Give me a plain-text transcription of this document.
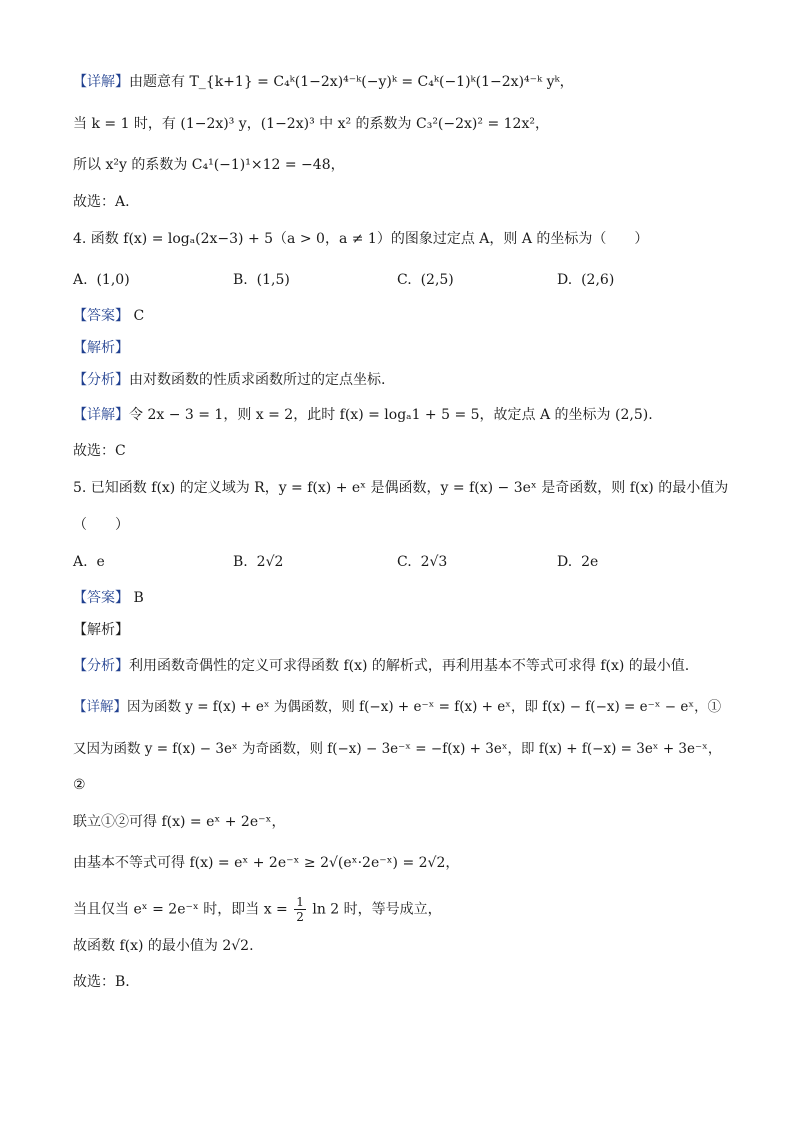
【详解】由题意有 T_{k+1} = C₄ᵏ(1−2x)⁴⁻ᵏ(−y)ᵏ = C₄ᵏ(−1)ᵏ(1−2x)⁴⁻ᵏ yᵏ，
当 k = 1 时，有 (1−2x)³ y，(1−2x)³ 中 x² 的系数为 C₃²(−2x)² = 12x²，
所以 x²y 的系数为 C₄¹(−1)¹×12 = −48，
故选：A.
4. 函数 f(x) = logₐ(2x−3) + 5（a > 0，a ≠ 1）的图象过定点 A，则 A 的坐标为（　　）
A. (1,0)	B. (1,5)	C. (2,5)	D. (2,6)
【答案】 C
【解析】
【分析】由对数函数的性质求函数所过的定点坐标.
【详解】令 2x − 3 = 1，则 x = 2，此时 f(x) = logₐ1 + 5 = 5，故定点 A 的坐标为 (2,5).
故选：C
5. 已知函数 f(x) 的定义域为 R，y = f(x) + eˣ 是偶函数，y = f(x) − 3eˣ 是奇函数，则 f(x) 的最小值为
（　　）
A. e	B. 2√2	C. 2√3	D. 2e
【答案】 B
【解析】
【分析】利用函数奇偶性的定义可求得函数 f(x) 的解析式，再利用基本不等式可求得 f(x) 的最小值.
【详解】因为函数 y = f(x) + eˣ 为偶函数，则 f(−x) + e⁻ˣ = f(x) + eˣ，即 f(x) − f(−x) = e⁻ˣ − eˣ，①
又因为函数 y = f(x) − 3eˣ 为奇函数，则 f(−x) − 3e⁻ˣ = −f(x) + 3eˣ，即 f(x) + f(−x) = 3eˣ + 3e⁻ˣ，
②
联立①②可得 f(x) = eˣ + 2e⁻ˣ，
由基本不等式可得 f(x) = eˣ + 2e⁻ˣ ≥ 2√(eˣ·2e⁻ˣ) = 2√2，
当且仅当 eˣ = 2e⁻ˣ 时，即当 $x = \frac{1}{2}$ ln 2 时，等号成立，
故函数 f(x) 的最小值为 2√2.
故选：B.
